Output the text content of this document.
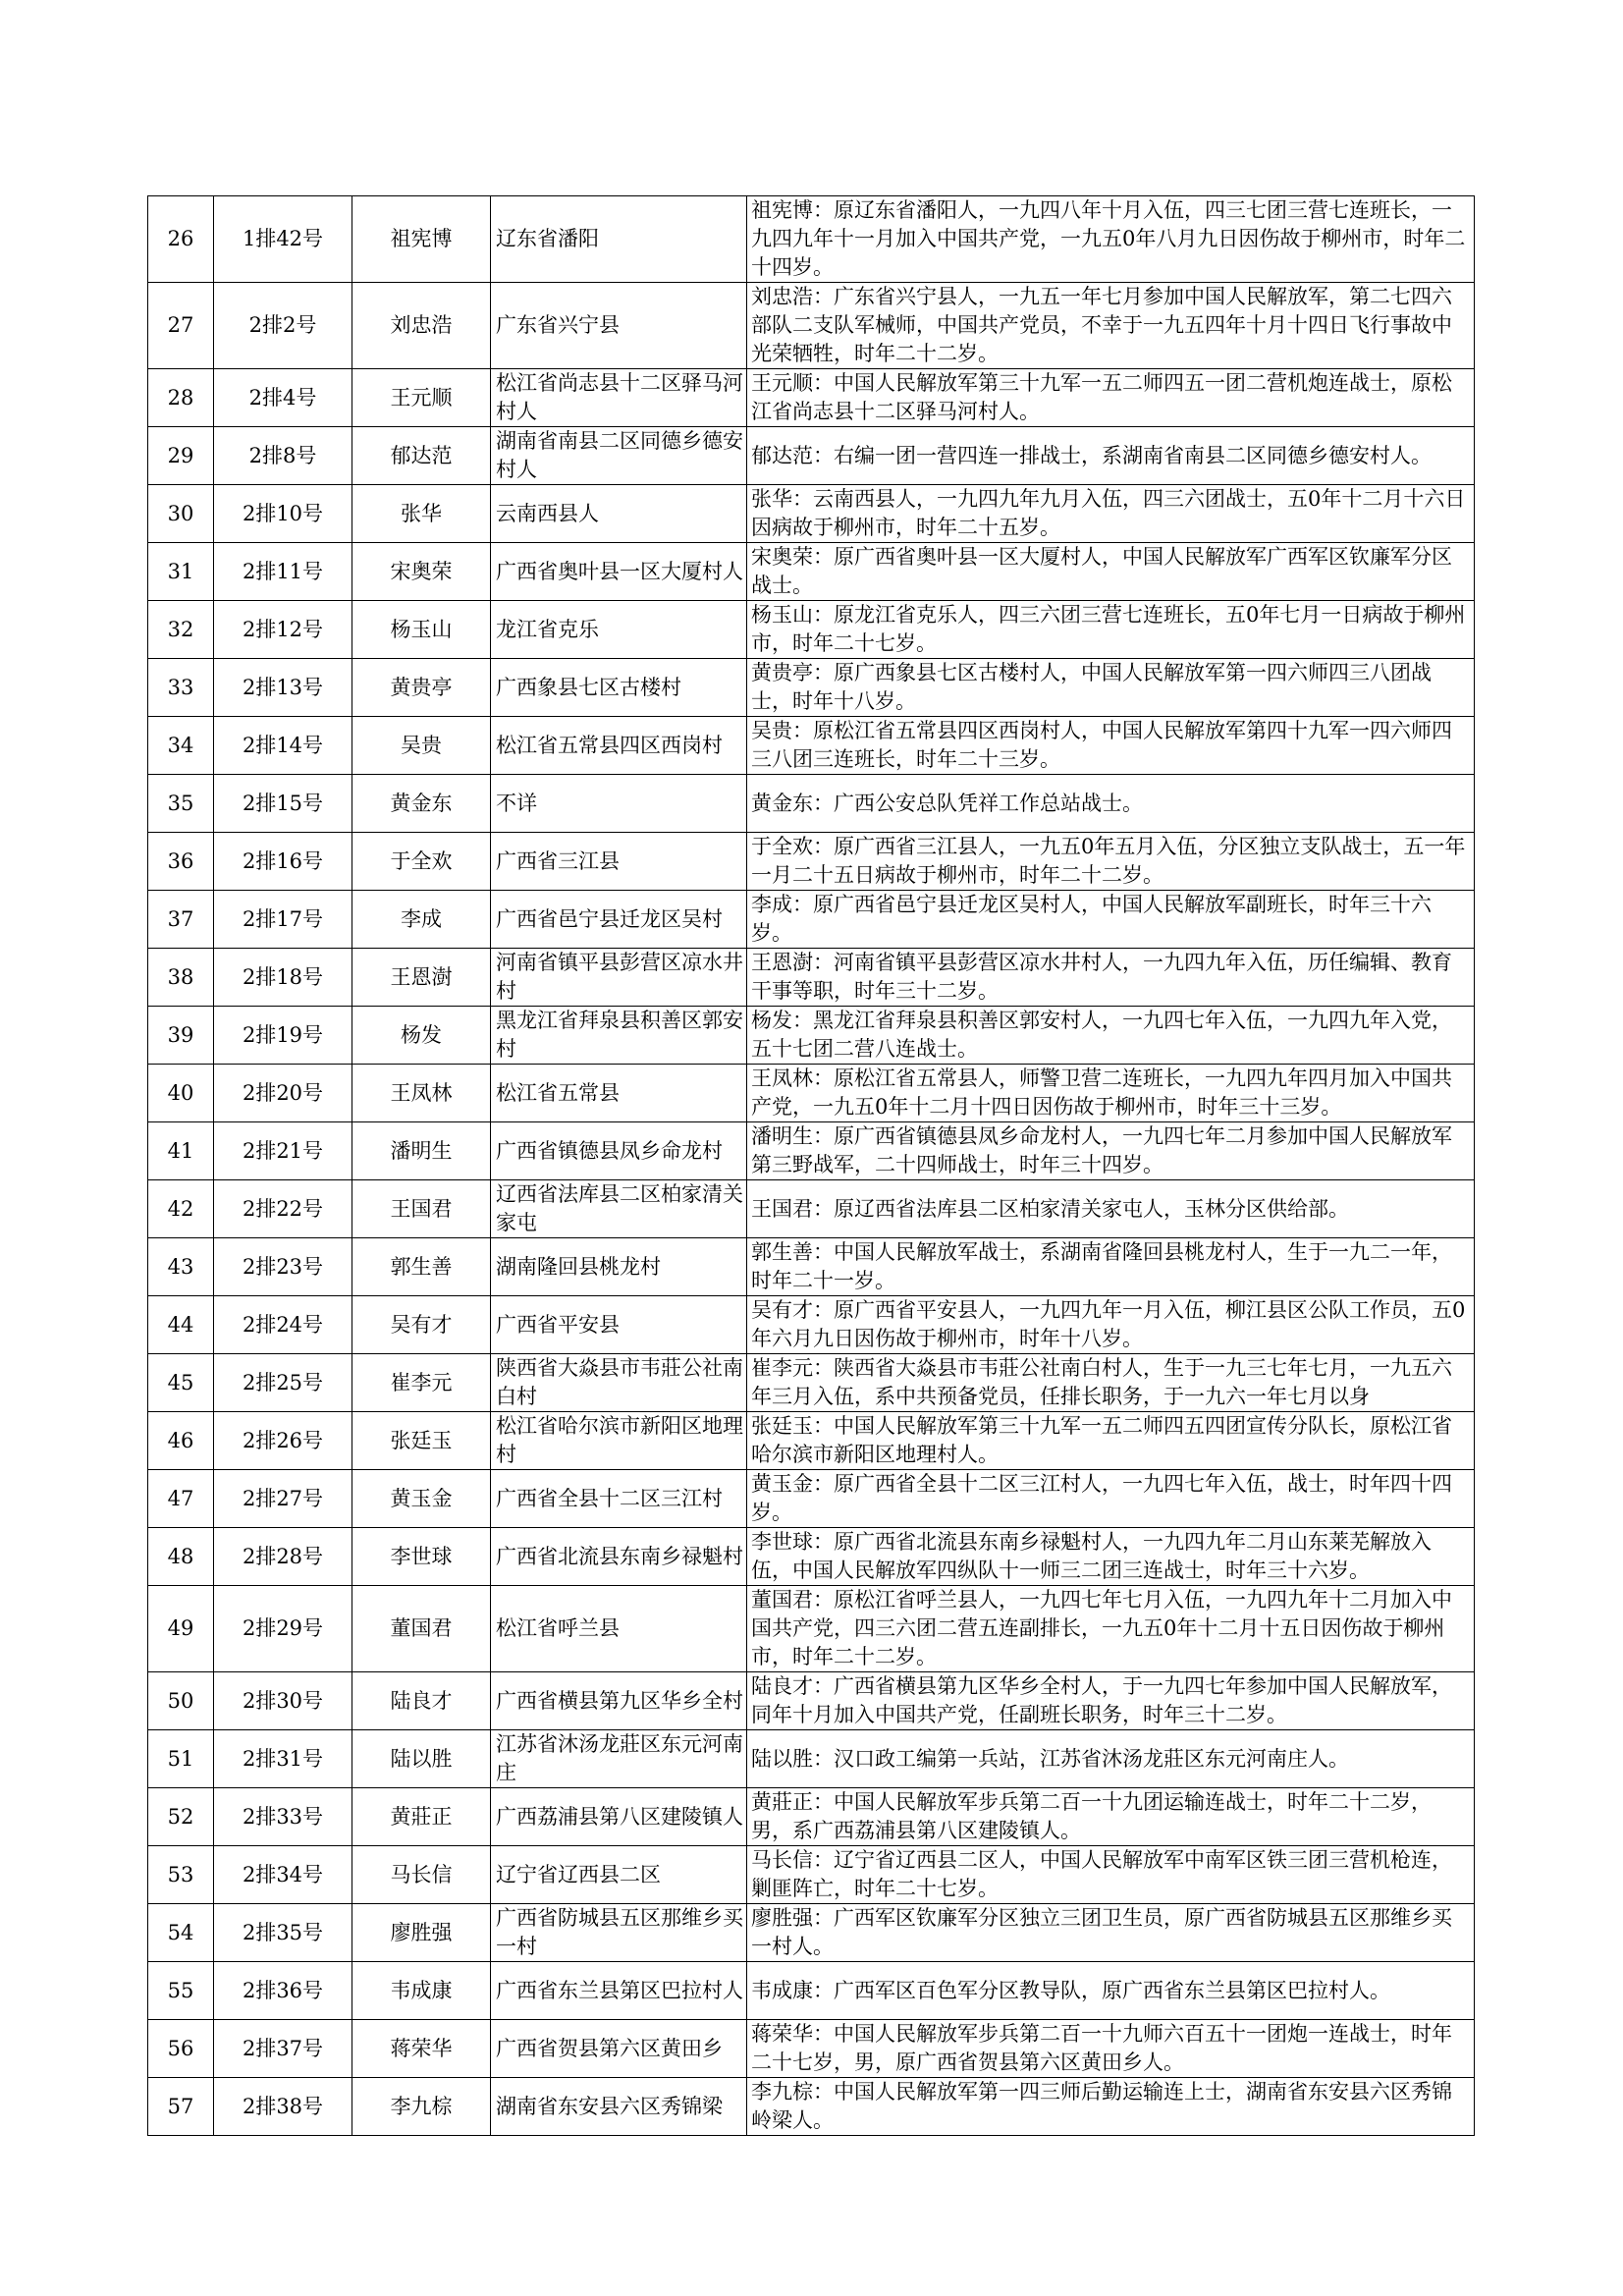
26	1排42号	祖宪博	辽东省潘阳	祖宪博：原辽东省潘阳人，一九四八年十月入伍，四三七团三营七连班长，一九四九年十一月加入中国共产党，一九五0年八月九日因伤故于柳州市，时年二十四岁。

27	2排2号	刘忠浩	广东省兴宁县	刘忠浩：广东省兴宁县人，一九五一年七月参加中国人民解放军，第二七四六部队二支队军械师，中国共产党员，不幸于一九五四年十月十四日飞行事故中光荣牺牲，时年二十二岁。

28	2排4号	王元顺	松江省尚志县十二区驿马河村人	王元顺：中国人民解放军第三十九军一五二师四五一团二营机炮连战士，原松江省尚志县十二区驿马河村人。

29	2排8号	郁达范	湖南省南县二区同德乡德安村人	郁达范：右编一团一营四连一排战士，系湖南省南县二区同德乡德安村人。

30	2排10号	张华	云南西县人	张华：云南西县人，一九四九年九月入伍，四三六团战士，五0年十二月十六日因病故于柳州市，时年二十五岁。

31	2排11号	宋奥荣	广西省奥叶县一区大厦村人	宋奥荣：原广西省奥叶县一区大厦村人，中国人民解放军广西军区钦廉军分区战士。

32	2排12号	杨玉山	龙江省克乐	杨玉山：原龙江省克乐人，四三六团三营七连班长，五0年七月一日病故于柳州市，时年二十七岁。

33	2排13号	黄贵亭	广西象县七区古楼村	黄贵亭：原广西象县七区古楼村人，中国人民解放军第一四六师四三八团战士，时年十八岁。

34	2排14号	吴贵	松江省五常县四区西岗村	吴贵：原松江省五常县四区西岗村人，中国人民解放军第四十九军一四六师四三八团三连班长，时年二十三岁。

35	2排15号	黄金东	不详	黄金东：广西公安总队凭祥工作总站战士。

36	2排16号	于全欢	广西省三江县	于全欢：原广西省三江县人，一九五0年五月入伍，分区独立支队战士，五一年一月二十五日病故于柳州市，时年二十二岁。

37	2排17号	李成	广西省邑宁县迁龙区吴村	李成：原广西省邑宁县迁龙区吴村人，中国人民解放军副班长，时年三十六岁。

38	2排18号	王恩澍	河南省镇平县彭营区凉水井村	王恩澍：河南省镇平县彭营区凉水井村人，一九四九年入伍，历任编辑、教育干事等职，时年三十二岁。

39	2排19号	杨发	黑龙江省拜泉县积善区郭安村	杨发：黑龙江省拜泉县积善区郭安村人，一九四七年入伍，一九四九年入党，五十七团二营八连战士。

40	2排20号	王凤林	松江省五常县	王凤林：原松江省五常县人，师警卫营二连班长，一九四九年四月加入中国共产党，一九五0年十二月十四日因伤故于柳州市，时年三十三岁。

41	2排21号	潘明生	广西省镇德县凤乡命龙村	潘明生：原广西省镇德县凤乡命龙村人，一九四七年二月参加中国人民解放军第三野战军，二十四师战士，时年三十四岁。

42	2排22号	王国君	辽西省法库县二区柏家清关家屯	王国君：原辽西省法库县二区柏家清关家屯人，玉林分区供给部。

43	2排23号	郭生善	湖南隆回县桃龙村	郭生善：中国人民解放军战士，系湖南省隆回县桃龙村人，生于一九二一年，时年二十一岁。

44	2排24号	吴有才	广西省平安县	吴有才：原广西省平安县人，一九四九年一月入伍，柳江县区公队工作员，五0年六月九日因伤故于柳州市，时年十八岁。

45	2排25号	崔李元	陕西省大焱县市韦莊公社南白村	崔李元：陕西省大焱县市韦莊公社南白村人，生于一九三七年七月，一九五六年三月入伍，系中共预备党员，任排长职务，于一九六一年七月以身

46	2排26号	张廷玉	松江省哈尔滨市新阳区地理村	张廷玉：中国人民解放军第三十九军一五二师四五四团宣传分队长，原松江省哈尔滨市新阳区地理村人。

47	2排27号	黄玉金	广西省全县十二区三江村	黄玉金：原广西省全县十二区三江村人，一九四七年入伍，战士，时年四十四岁。

48	2排28号	李世球	广西省北流县东南乡禄魁村	李世球：原广西省北流县东南乡禄魁村人，一九四九年二月山东莱芜解放入伍，中国人民解放军四纵队十一师三二团三连战士，时年三十六岁。

49	2排29号	董国君	松江省呼兰县	董国君：原松江省呼兰县人，一九四七年七月入伍，一九四九年十二月加入中国共产党，四三六团二营五连副排长，一九五0年十二月十五日因伤故于柳州市，时年二十二岁。

50	2排30号	陆良才	广西省横县第九区华乡全村	陆良才：广西省横县第九区华乡全村人，于一九四七年参加中国人民解放军，同年十月加入中国共产党，任副班长职务，时年三十二岁。

51	2排31号	陆以胜	江苏省沐汤龙莊区东元河南庄	陆以胜：汉口政工编第一兵站，江苏省沐汤龙莊区东元河南庄人。

52	2排33号	黄莊正	广西荔浦县第八区建陵镇人	黄莊正：中国人民解放军步兵第二百一十九团运输连战士，时年二十二岁，男，系广西荔浦县第八区建陵镇人。

53	2排34号	马长信	辽宁省辽西县二区	马长信：辽宁省辽西县二区人，中国人民解放军中南军区铁三团三营机枪连，剿匪阵亡，时年二十七岁。

54	2排35号	廖胜强	广西省防城县五区那维乡买一村	廖胜强：广西军区钦廉军分区独立三团卫生员，原广西省防城县五区那维乡买一村人。

55	2排36号	韦成康	广西省东兰县第区巴拉村人	韦成康：广西军区百色军分区教导队，原广西省东兰县第区巴拉村人。

56	2排37号	蒋荣华	广西省贺县第六区黄田乡	蒋荣华：中国人民解放军步兵第二百一十九师六百五十一团炮一连战士，时年二十七岁，男，原广西省贺县第六区黄田乡人。

57	2排38号	李九棕	湖南省东安县六区秀锦梁	李九棕：中国人民解放军第一四三师后勤运输连上士，湖南省东安县六区秀锦岭梁人。
